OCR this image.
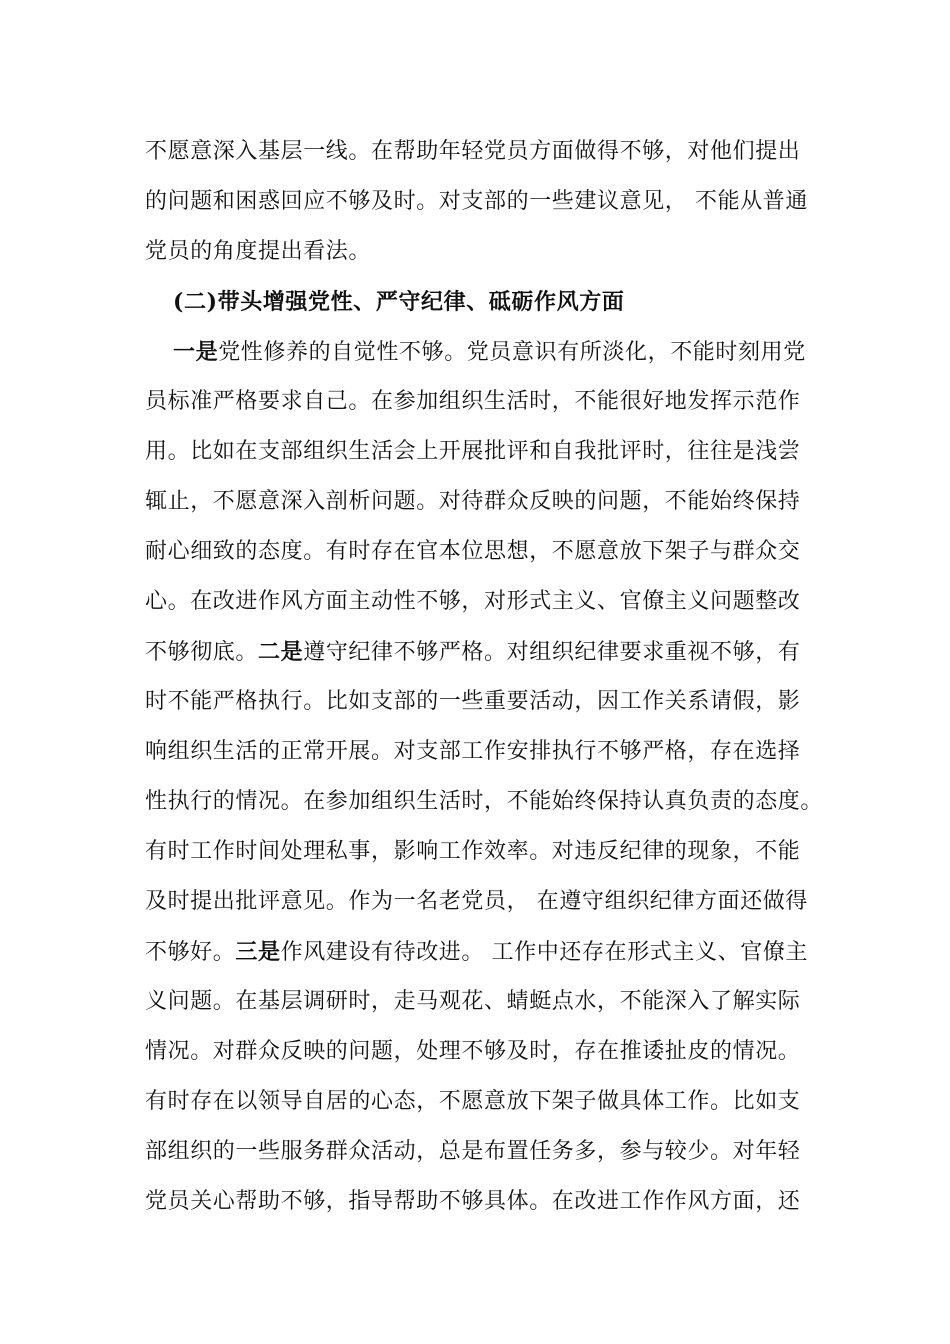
不愿意深入基层一线。在帮助年轻党员方面做得不够，对他们提出
的问题和困惑回应不够及时。对支部的一些建议意见， 不能从普通
党员的角度提出看法。
(二)带头增强党性、严守纪律、砥砺作风方面
一是党性修养的自觉性不够。党员意识有所淡化，不能时刻用党
员标准严格要求自己。在参加组织生活时，不能很好地发挥示范作
用。比如在支部组织生活会上开展批评和自我批评时，往往是浅尝
辄止，不愿意深入剖析问题。对待群众反映的问题，不能始终保持
耐心细致的态度。有时存在官本位思想，不愿意放下架子与群众交
心。在改进作风方面主动性不够，对形式主义、官僚主义问题整改
不够彻底。二是遵守纪律不够严格。对组织纪律要求重视不够，有
时不能严格执行。比如支部的一些重要活动，因工作关系请假，影
响组织生活的正常开展。对支部工作安排执行不够严格，存在选择
性执行的情况。在参加组织生活时，不能始终保持认真负责的态度。
有时工作时间处理私事，影响工作效率。对违反纪律的现象，不能
及时提出批评意见。作为一名老党员， 在遵守组织纪律方面还做得
不够好。三是作风建设有待改进。 工作中还存在形式主义、官僚主
义问题。在基层调研时，走马观花、蜻蜓点水，不能深入了解实际
情况。对群众反映的问题，处理不够及时，存在推诿扯皮的情况。
有时存在以领导自居的心态，不愿意放下架子做具体工作。比如支
部组织的一些服务群众活动，总是布置任务多，参与较少。对年轻
党员关心帮助不够，指导帮助不够具体。在改进工作作风方面，还
